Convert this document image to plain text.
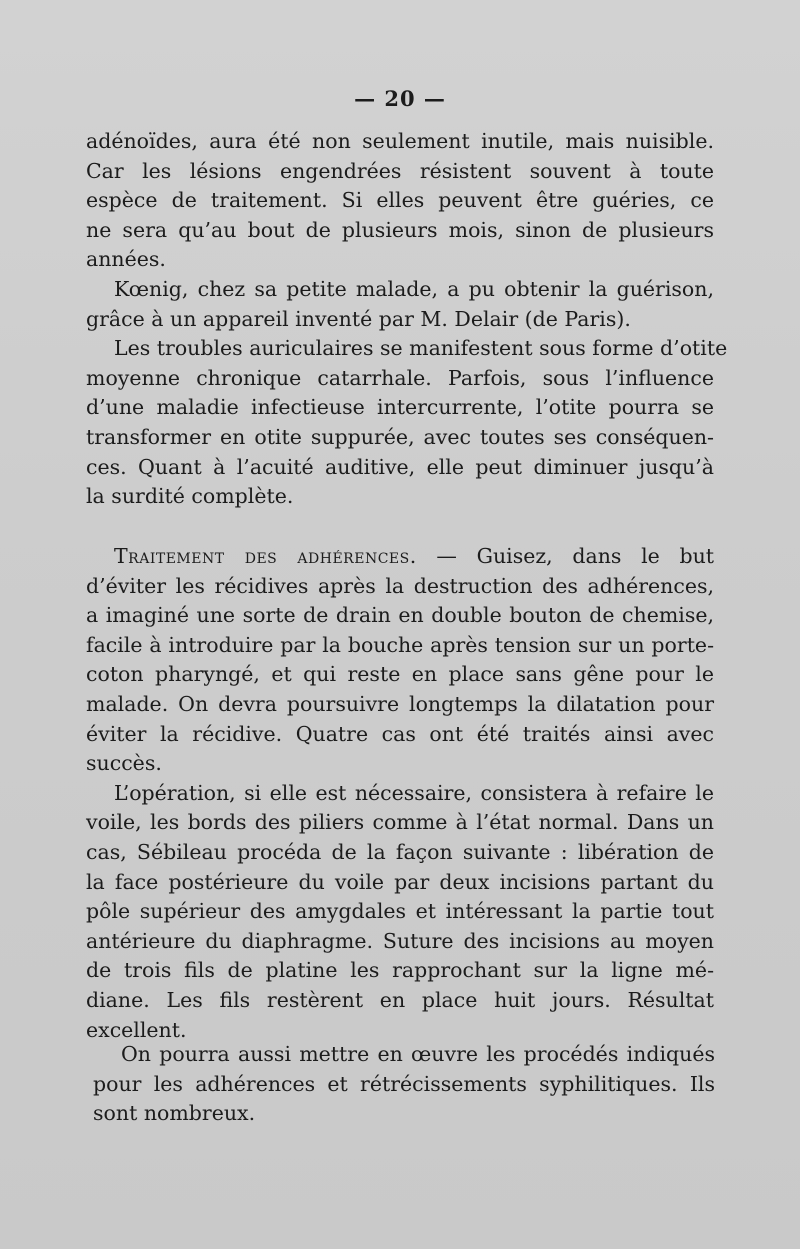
— 20 —
adénoïdes, aura été non seulement inutile, mais nuisible.
Car les lésions engendrées résistent souvent à toute
espèce de traitement. Si elles peuvent être guéries, ce
ne sera qu’au bout de plusieurs mois, sinon de plusieurs
années.
Kœnig, chez sa petite malade, a pu obtenir la guérison,
grâce à un appareil inventé par M. Delair (de Paris).
Les troubles auriculaires se manifestent sous forme d’otite
moyenne chronique catarrhale. Parfois, sous l’influence
d’une maladie infectieuse intercurrente, l’otite pourra se
transformer en otite suppurée, avec toutes ses conséquen-
ces. Quant à l’acuité auditive, elle peut diminuer jusqu’à
la surdité complète.
Traitement des adhérences. — Guisez, dans le but
d’éviter les récidives après la destruction des adhérences,
a imaginé une sorte de drain en double bouton de chemise,
facile à introduire par la bouche après tension sur un porte-
coton pharyngé, et qui reste en place sans gêne pour le
malade. On devra poursuivre longtemps la dilatation pour
éviter la récidive. Quatre cas ont été traités ainsi avec
succès.
L’opération, si elle est nécessaire, consistera à refaire le
voile, les bords des piliers comme à l’état normal. Dans un
cas, Sébileau procéda de la façon suivante : libération de
la face postérieure du voile par deux incisions partant du
pôle supérieur des amygdales et intéressant la partie tout
antérieure du diaphragme. Suture des incisions au moyen
de trois fils de platine les rapprochant sur la ligne mé-
diane. Les fils restèrent en place huit jours. Résultat
excellent.
On pourra aussi mettre en œuvre les procédés indiqués
pour les adhérences et rétrécissements syphilitiques. Ils
sont nombreux.
